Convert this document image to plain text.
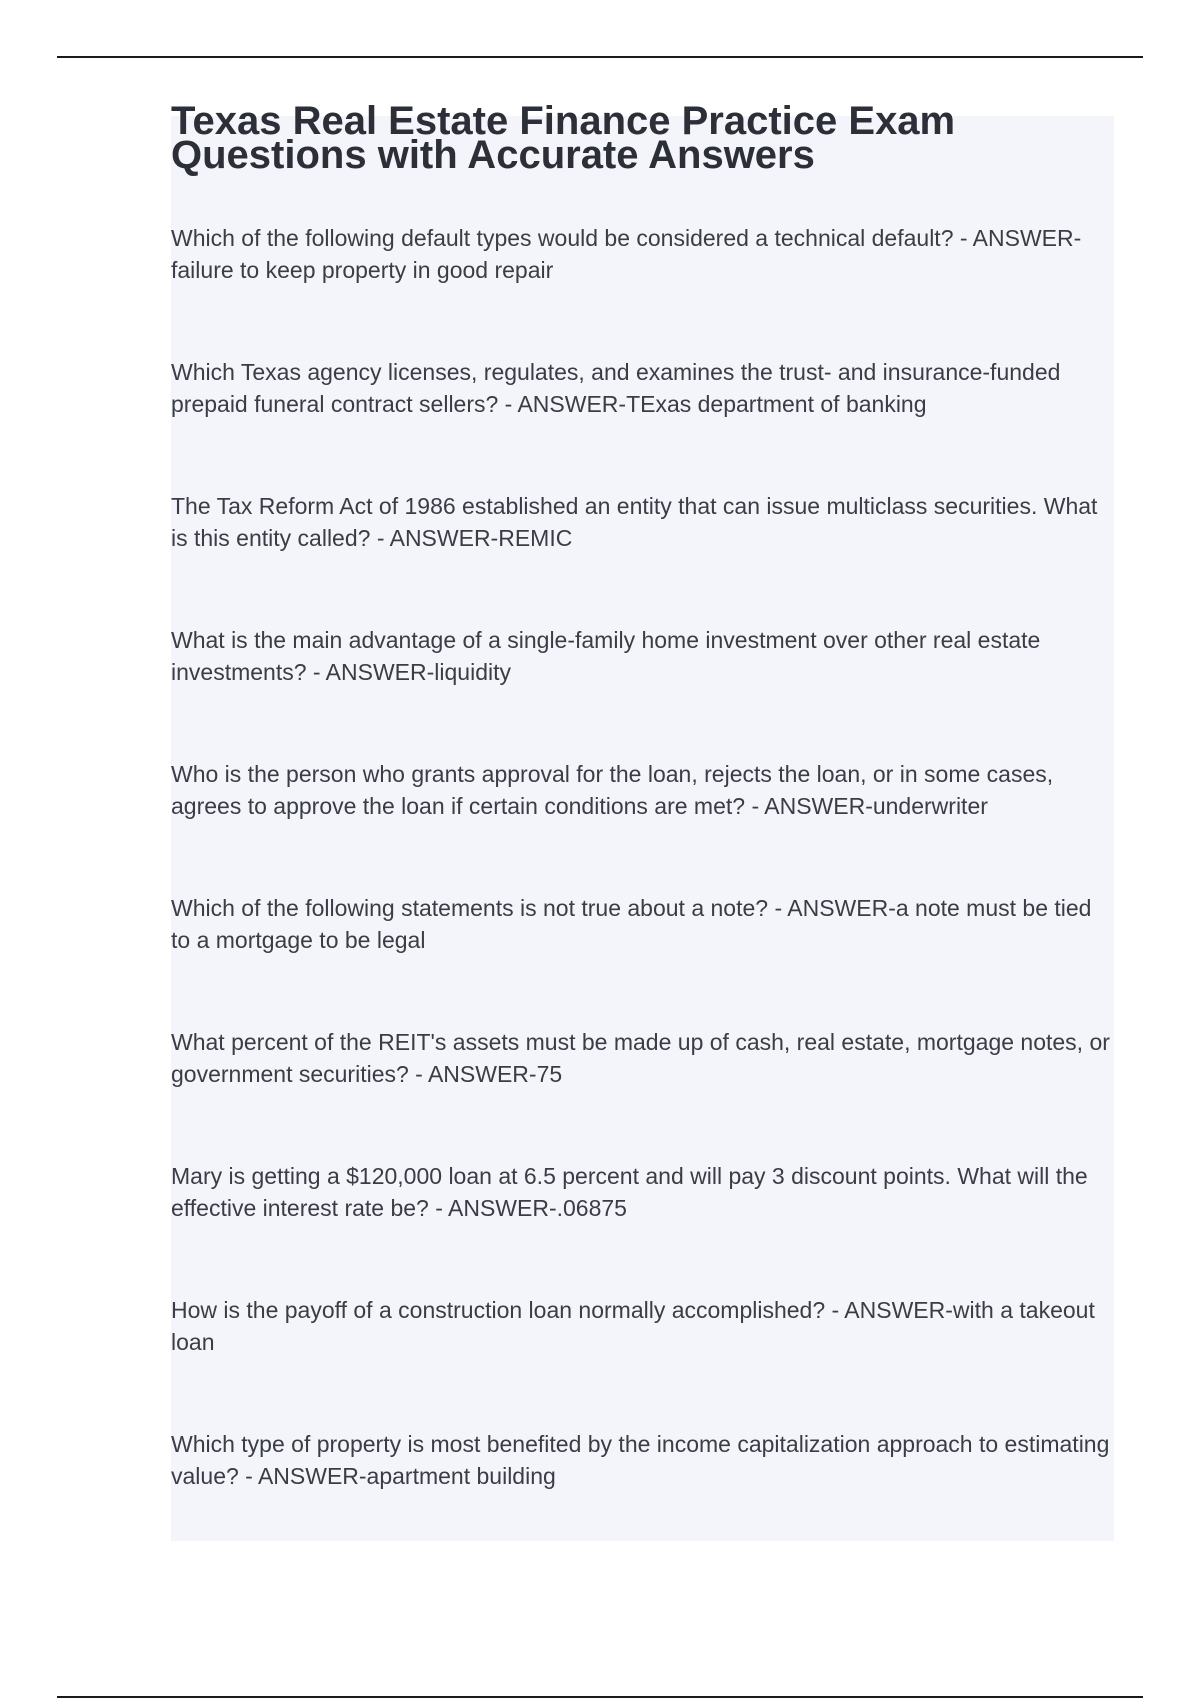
Texas Real Estate Finance Practice Exam Questions with Accurate Answers
Which of the following default types would be considered a technical default? - ANSWER-failure to keep property in good repair
Which Texas agency licenses, regulates, and examines the trust- and insurance-funded prepaid funeral contract sellers? - ANSWER-TExas department of banking
The Tax Reform Act of 1986 established an entity that can issue multiclass securities. What is this entity called? - ANSWER-REMIC
What is the main advantage of a single-family home investment over other real estate investments? - ANSWER-liquidity
Who is the person who grants approval for the loan, rejects the loan, or in some cases, agrees to approve the loan if certain conditions are met? - ANSWER-underwriter
Which of the following statements is not true about a note? - ANSWER-a note must be tied to a mortgage to be legal
What percent of the REIT's assets must be made up of cash, real estate, mortgage notes, or government securities? - ANSWER-75
Mary is getting a $120,000 loan at 6.5 percent and will pay 3 discount points. What will the effective interest rate be? - ANSWER-.06875
How is the payoff of a construction loan normally accomplished? - ANSWER-with a takeout loan
Which type of property is most benefited by the income capitalization approach to estimating value? - ANSWER-apartment building
